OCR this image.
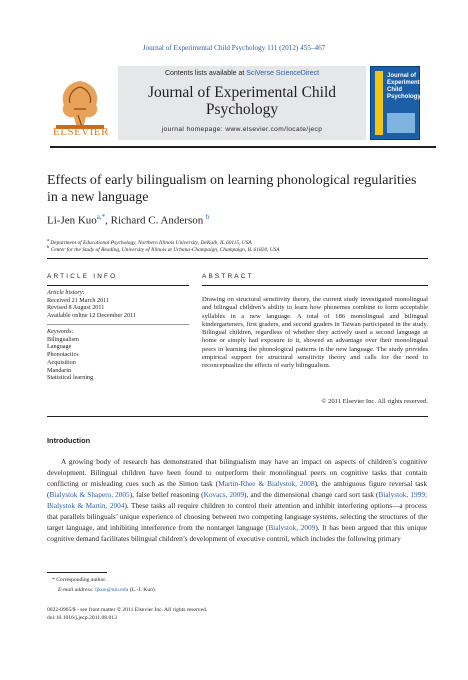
Journal of Experimental Child Psychology 111 (2012) 455–467
ELSEVIER
Contents lists available at SciVerse ScienceDirect
Journal of Experimental Child Psychology
journal homepage: www.elsevier.com/locate/jecp
Journal of Experimental Child Psychology
Effects of early bilingualism on learning phonological regularities in a new language
Li-Jen Kuo$^{a,*}$, Richard C. Anderson $^b$
$^a$ Department of Educational Psychology, Northern Illinois University, DeKalb, IL 60115, USA
$^b$ Center for the Study of Reading, University of Illinois at Urbana-Champaign, Champaign, IL 61820, USA
ARTICLE INFO
Article history:
Received 21 March 2011
Revised 8 August 2011
Available online 12 December 2011
Keywords:
Bilingualism
Language
Phonotactics
Acquisition
Mandarin
Statistical learning
ABSTRACT
Drawing on structural sensitivity theory, the current study investigated monolingual and bilingual children’s ability to learn how phonemes combine to form acceptable syllables in a new language. A total of 186 monolingual and bilingual kindergarteners, first graders, and second graders in Taiwan participated in the study. Bilingual children, regardless of whether they actively used a second language at home or simply had exposure to it, showed an advantage over their monolingual peers in learning the phonological patterns in the new language. The study provides empirical support for structural sensitivity theory and calls for the need to reconceptualize the effects of early bilingualism.
© 2011 Elsevier Inc. All rights reserved.
Introduction
A growing body of research has demonstrated that bilingualism may have an impact on aspects of children’s cognitive development. Bilingual children have been found to outperform their monolingual peers on cognitive tasks that contain conflicting or misleading cues such as the Simon task (Martin-Rhee & Bialystok, 2008), the ambiguous figure reversal task (Bialystok & Shapero, 2005), false belief reasoning (Kovacs, 2009), and the dimensional change card sort task (Bialystok, 1999; Bialystok & Martin, 2004). These tasks all require children to control their attention and inhibit interfering options—a process that parallels bilinguals’ unique experience of choosing between two competing language systems, selecting the structures of the target language, and inhibiting interference from the nontarget language (Bialystok, 2009). It has been argued that this unique cognitive demand facilitates bilingual children’s development of executive control, which includes the following primary
* Corresponding author.
E-mail address: ljkuo@niu.edu (L.-J. Kuo).
0022-0965/$ - see front matter © 2011 Elsevier Inc. All rights reserved.
doi:10.1016/j.jecp.2011.08.013
